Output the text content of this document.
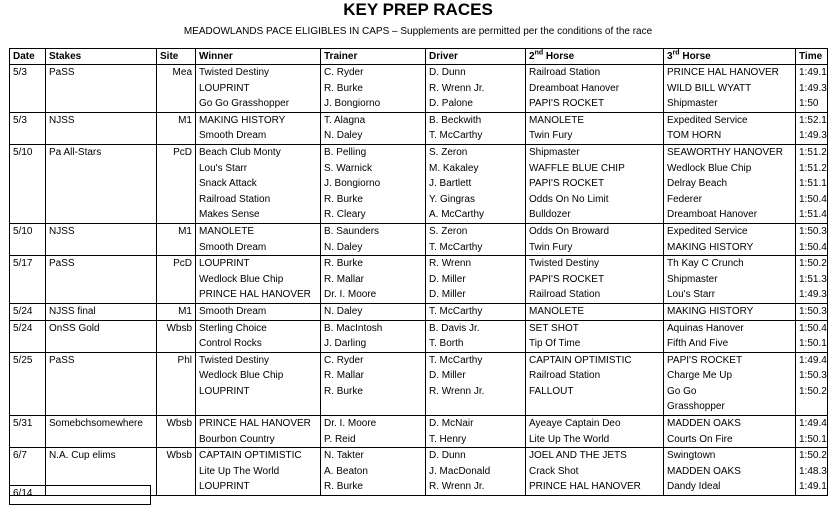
KEY PREP RACES
MEADOWLANDS PACE ELIGIBLES IN CAPS – Supplements are permitted per the conditions of the race
Date	Stakes	Site	Winner	Trainer	Driver	2nd Horse	3rd Horse	Time
5/3	PaSS	Mea	Twisted Destiny	C. Ryder	D. Dunn	Railroad Station	PRINCE HAL HANOVER	1:49.1
			LOUPRINT	R. Burke	R. Wrenn Jr.	Dreamboat Hanover	WILD BILL WYATT	1:49.3
			Go Go Grasshopper	J. Bongiorno	D. Palone	PAPI'S ROCKET	Shipmaster	1:50
5/3	NJSS	M1	MAKING HISTORY	T. Alagna	B. Beckwith	MANOLETE	Expedited Service	1:52.1
			Smooth Dream	N. Daley	T. McCarthy	Twin Fury	TOM HORN	1:49.3
5/10	Pa All-Stars	PcD	Beach Club Monty	B. Pelling	S. Zeron	Shipmaster	SEAWORTHY HANOVER	1:51.2
			Lou's Starr	S. Warnick	M. Kakaley	WAFFLE BLUE CHIP	Wedlock Blue Chip	1:51.2
			Snack Attack	J. Bongiorno	J. Bartlett	PAPI'S ROCKET	Delray Beach	1:51.1
			Railroad Station	R. Burke	Y. Gingras	Odds On No Limit	Federer	1:50.4
			Makes Sense	R. Cleary	A. McCarthy	Bulldozer	Dreamboat Hanover	1:51.4
5/10	NJSS	M1	MANOLETE	B. Saunders	S. Zeron	Odds On Broward	Expedited Service	1:50.3
			Smooth Dream	N. Daley	T. McCarthy	Twin Fury	MAKING HISTORY	1:50.4
5/17	PaSS	PcD	LOUPRINT	R. Burke	R. Wrenn	Twisted Destiny	Th Kay C Crunch	1:50.2
			Wedlock Blue Chip	R. Mallar	D. Miller	PAPI'S ROCKET	Shipmaster	1:51.3
			PRINCE HAL HANOVER	Dr. I. Moore	D. Miller	Railroad Station	Lou's Starr	1:49.3
5/24	NJSS final	M1	Smooth Dream	N. Daley	T. McCarthy	MANOLETE	MAKING HISTORY	1:50.3
5/24	OnSS Gold	Wbsb	Sterling Choice	B. MacIntosh	B. Davis Jr.	SET SHOT	Aquinas Hanover	1:50.4
			Control Rocks	J. Darling	T. Borth	Tip Of Time	Fifth And Five	1:50.1
5/25	PaSS	Phl	Twisted Destiny	C. Ryder	T. McCarthy	CAPTAIN OPTIMISTIC	PAPI'S ROCKET	1:49.4
			Wedlock Blue Chip	R. Mallar	D. Miller	Railroad Station	Charge Me Up	1:50.3
			LOUPRINT	R. Burke	R. Wrenn Jr.	FALLOUT	Go Go	1:50.2
							Grasshopper	
5/31	Somebchsomewhere	Wbsb	PRINCE HAL HANOVER	Dr. I. Moore	D. McNair	Ayeaye Captain Deo	MADDEN OAKS	1:49.4
			Bourbon Country	P. Reid	T. Henry	Lite Up The World	Courts On Fire	1:50.1
6/7	N.A. Cup elims	Wbsb	CAPTAIN OPTIMISTIC	N. Takter	D. Dunn	JOEL AND THE JETS	Swingtown	1:50.2
			Lite Up The World	A. Beaton	J. MacDonald	Crack Shot	MADDEN OAKS	1:48.3
			LOUPRINT	R. Burke	R. Wrenn Jr.	PRINCE HAL HANOVER	Dandy Ideal	1:49.1
6/14
